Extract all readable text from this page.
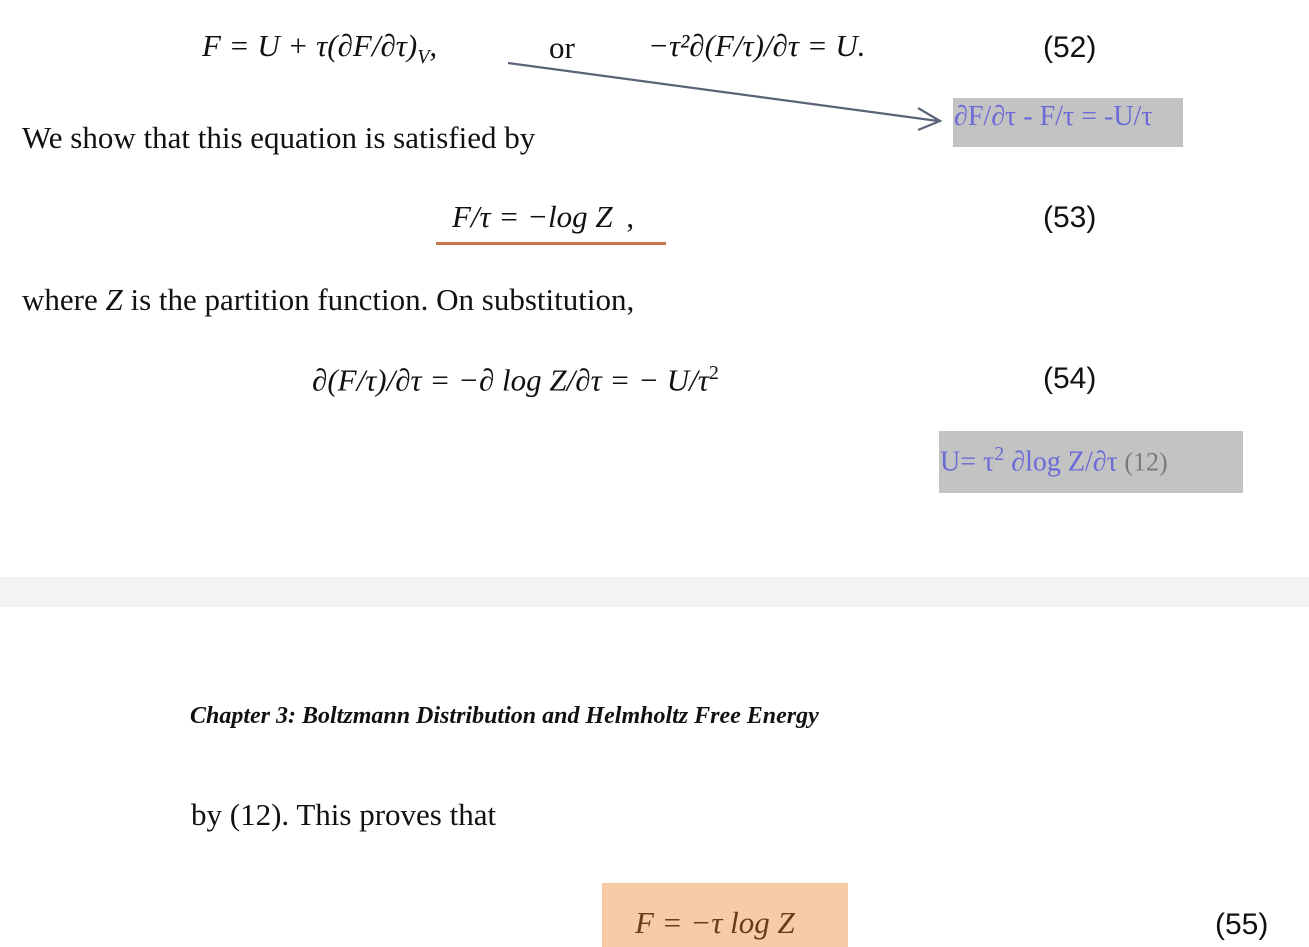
$F = U + \tau(\partial F/\partial\tau)_V$,	or −τ²∂(F/τ)/∂τ = U.	(52)
∂F/∂τ - F/τ = -U/τ
We show that this equation is satisfied by
F/τ = −log Z ,	(53)
where Z is the partition function. On substitution,
∂(F/τ)/∂τ = −∂ log Z/∂τ = − $U/\tau^2$	(54)
$U= \tau^2$ ∂log Z/∂τ (12)
Chapter 3: Boltzmann Distribution and Helmholtz Free Energy
by (12). This proves that
F = −τ log Z	(55)
